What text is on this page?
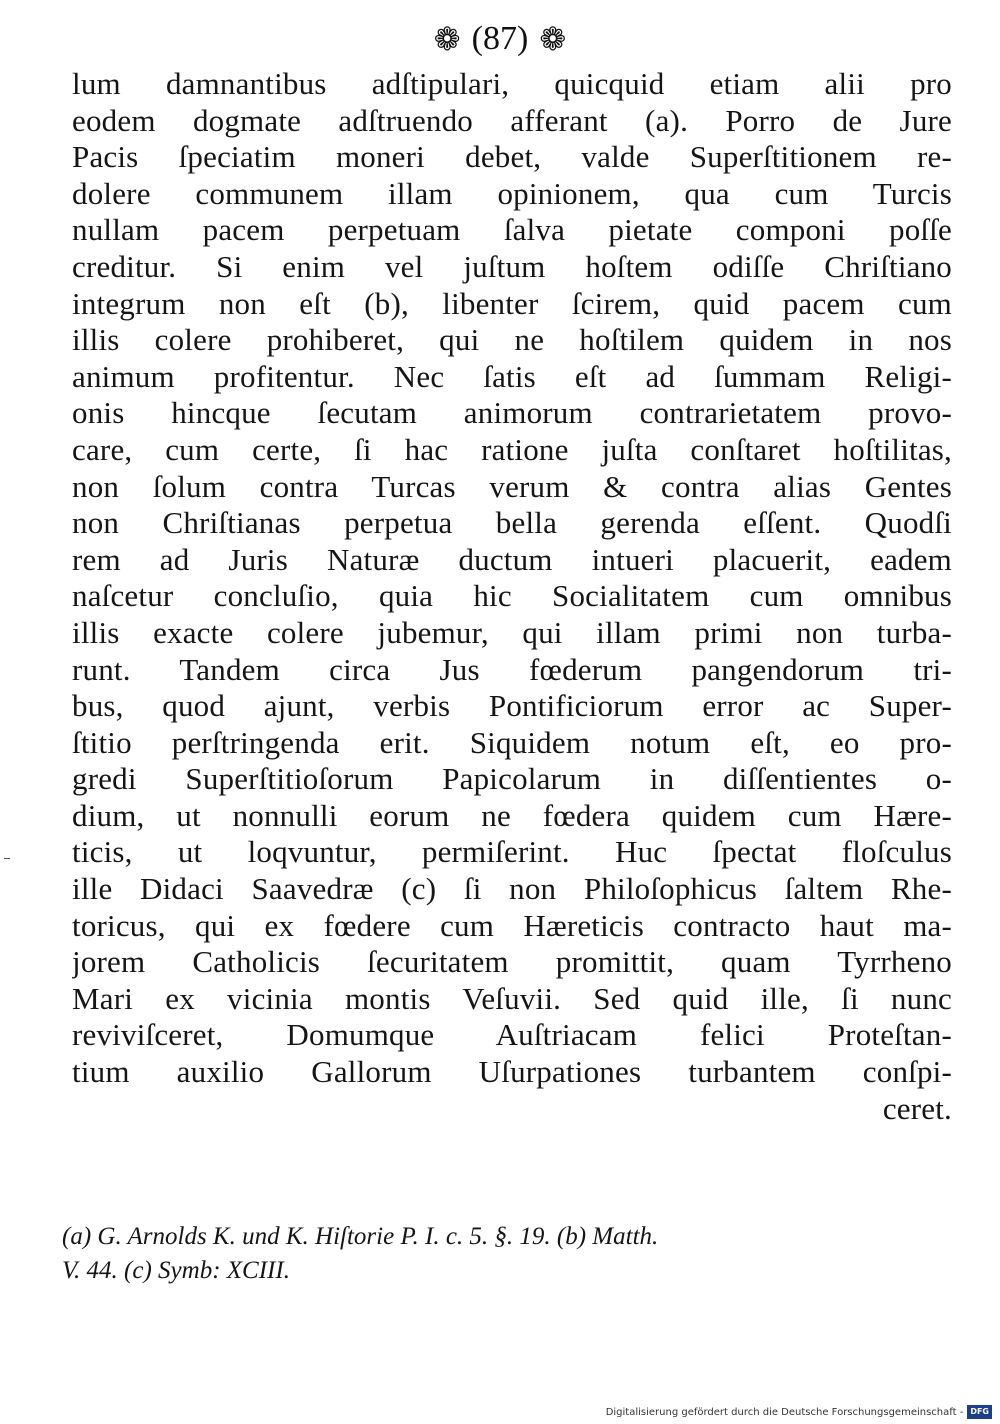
❁ (87) ❁
lum damnantibus adſtipulari, quicquid etiam alii pro
eodem dogmate adſtruendo afferant (a). Porro de Jure
Pacis ſpeciatim moneri debet, valde Superſtitionem re-
dolere communem illam opinionem, qua cum Turcis
nullam pacem perpetuam ſalva pietate componi poſſe
creditur. Si enim vel juſtum hoſtem odiſſe Chriſtiano
integrum non eſt (b), libenter ſcirem, quid pacem cum
illis colere prohiberet, qui ne hoſtilem quidem in nos
animum profitentur. Nec ſatis eſt ad ſummam Religi-
onis hincque ſecutam animorum contrarietatem provo-
care, cum certe, ſi hac ratione juſta conſtaret hoſtilitas,
non ſolum contra Turcas verum & contra alias Gentes
non Chriſtianas perpetua bella gerenda eſſent. Quodſi
rem ad Juris Naturæ ductum intueri placuerit, eadem
naſcetur concluſio, quia hic Socialitatem cum omnibus
illis exacte colere jubemur, qui illam primi non turba-
runt. Tandem circa Jus fœderum pangendorum tri-
bus, quod ajunt, verbis Pontificiorum error ac Super-
ſtitio perſtringenda erit. Siquidem notum eſt, eo pro-
gredi Superſtitioſorum Papicolarum in diſſentientes o-
dium, ut nonnulli eorum ne fœdera quidem cum Hære-
ticis, ut loqvuntur, permiſerint. Huc ſpectat floſculus
ille Didaci Saavedræ (c) ſi non Philoſophicus ſaltem Rhe-
toricus, qui ex fœdere cum Hæreticis contracto haut ma-
jorem Catholicis ſecuritatem promittit, quam Tyrrheno
Mari ex vicinia montis Veſuvii. Sed quid ille, ſi nunc
reviviſceret, Domumque Auſtriacam felici Proteſtan-
tium auxilio Gallorum Uſurpationes turbantem conſpi-
ceret.
(a) G. Arnolds K. und K. Hiſtorie P. I. c. 5. §. 19. (b) Matth.
V. 44. (c) Symb: XCIII.
Digitalisierung gefördert durch die Deutsche Forschungsgemeinschaft - DFG
